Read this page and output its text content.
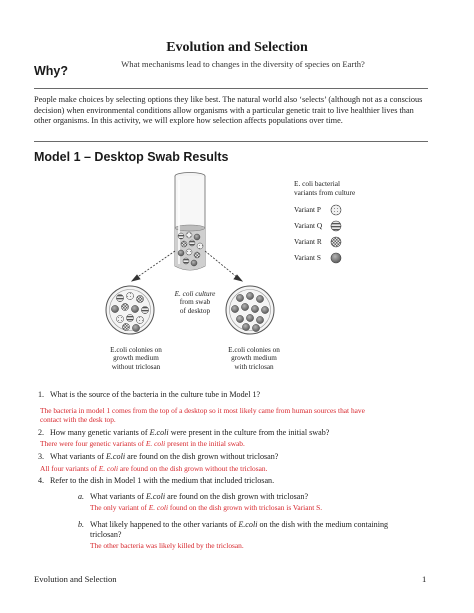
Evolution and Selection
Why?	What mechanisms lead to changes in the diversity of species on Earth?
People make choices by selecting options they like best. The natural world also ‘selects’ (although not as a conscious decision) when environmental conditions allow organisms with a particular genetic trait to live healthier lives than other organisms. In this activity, we will explore how selection affects populations over time.
Model 1 – Desktop Swab Results
E. coli culture
from swab
of desktop
E.coli colonies on
growth medium
without triclosan
E.coli colonies on
growth medium
with triclosan
E. coli bacterial
variants from culture
Variant P
Variant Q
Variant R
Variant S
1. What is the source of the bacteria in the culture tube in Model 1?
The bacteria in model 1 comes from the top of a desktop so it most likely came from human sources that have
contact with the desk top.
2. How many genetic variants of E.coli were present in the culture from the initial swab?
There were four genetic variants of E. coli present in the initial swab.
3. What variants of E.coli are found on the dish grown without triclosan?
All four variants of E. coli are found on the dish grown without the triclosan.
4. Refer to the dish in Model 1 with the medium that included triclosan.
a. What variants of E.coli are found on the dish grown with triclosan?
The only variant of E. coli found on the dish grown with triclosan is Variant S.
b. What likely happened to the other variants of E.coli on the dish with the medium containing
triclosan?
The other bacteria was likely killed by the triclosan.
Evolution and Selection	1
